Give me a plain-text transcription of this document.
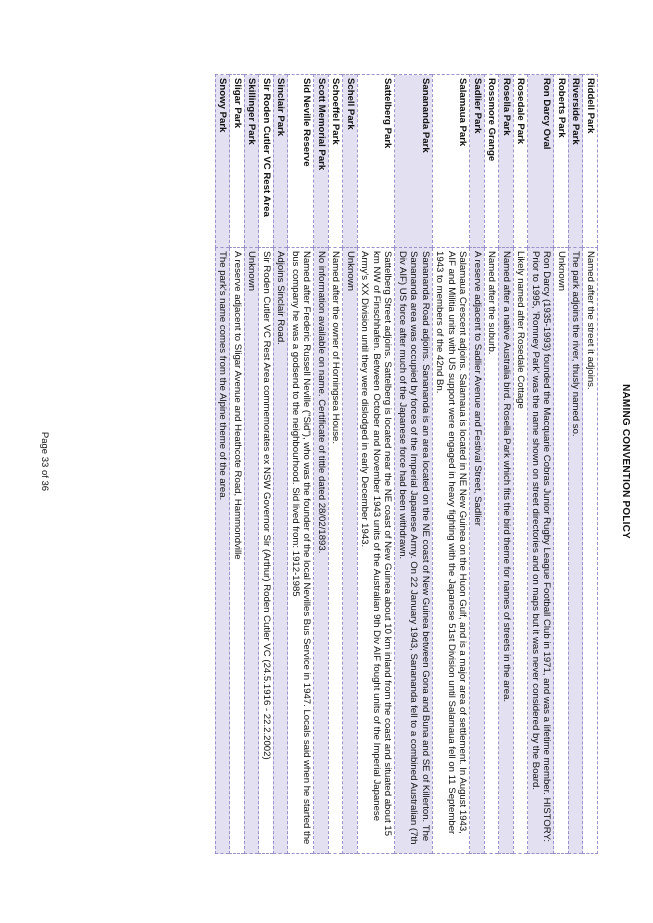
NAMING CONVENTION POLICY
Riddell Park	Named after the street it adjoins.
Riverside Park	The park adjoins the river, thusly named so.
Roberts Park	Unknown
Ron Darcy Oval	Ron Darcy (1935-1993) founded the Macquarie Cobras Junior Rugby League Football Club in 1971, and was a lifetime member. HISTORY: Prior to 1995, 'Romney Park' was the name shown on street directories and on maps but it was never considered by the Board.
Rosedale Park	Likely named after Rosedale Cottage
Rosella Park	Named after a native Australia bird. Rosella Park which fits the bird theme for names of streets in the area.
Rossmore Grange	Named after the suburb.
Sadlier Park	A reserve adjacent to Sadlier Avenue and Festival Street, Sadlier
Salamaua Park	Salamaua Crescent adjoins. Salamaua is located in NE New Guinea on the Huon Gulf, and is a major area of settlement. In August 1943, AIF and Militia units with US support were engaged in heavy fighting with the Japanese 51st Division until Salamaua fell on 11 September 1943 to members of the 42nd Bn.
Sananandа Park	Sanananda Road adjoins. Sanananda is an area located on the NE coast of New Guinea between Gona and Buna and SE of Killerton. The Sanananda area was occupied by forces of the Imperial Japanese Army. On 22 January 1943, Sanananda fell to a combined Australian (7th Div AIF) US force after much of the Japanese force had been withdrawn.
Sattelberg Park	Sattelberg Street adjoins. Sattelberg is located near the NE coast of New Guinea about 10 km inland from the coast and situated about 15 km NW of Finschhafen. Between October and November 1943 units of the Australian 9th Div AIF fought units of the Imperial Japanese Army's XX Division until they were dislodged in early December 1943.
Schell Park	Unknown
Schoeffel Park	Named after the owner of Horningsea House.
Scott Memorial Park	No information available on name. Certificate of tittle dated 28/02/1893.
Sid Neville Reserve	Named after Frederic Russell Neville ("Sid"), who was the founder of the local Nevilles Bus Service in 1947. Locals said when he started the bus company he was a godsend to the neighbourhood. Sid lived from: 1912-1985
Sinclair Park	Adjoins Sinclair Road.
Sir Roden Cutler VC Rest Area	Sir Roden Cutler VC Rest Area commemorates ex NSW Governor Sir (Arthur) Roden Cutler VC (24.5.1916 - 22.2.2002)
Skillinger Park	Unknown
Sligar Park	A reserve adjacent to Sligar Avenue and Heathcote Road, Hammondville
Snowy Park	The park's name comes from the Alpine theme of the area.
Page 33 of 36
